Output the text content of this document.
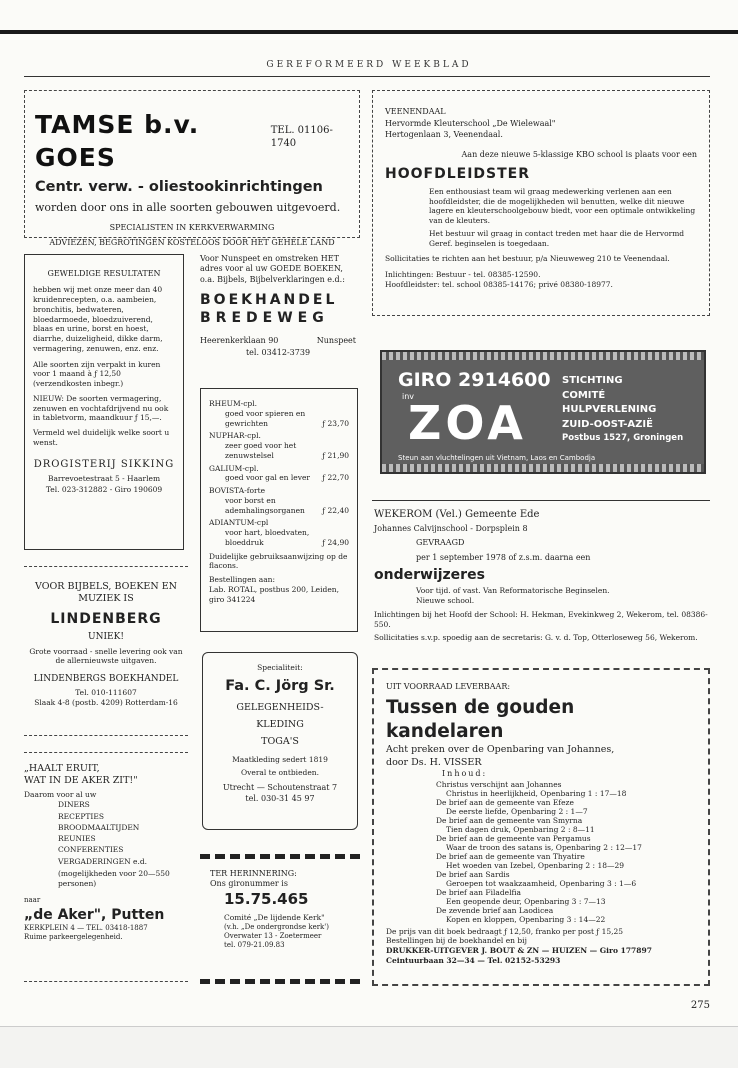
GEREFORMEERD WEEKBLAD
TAMSE b.v. GOES
TEL. 01106-1740
Centr. verw. - oliestookinrichtingen
worden door ons in alle soorten gebouwen uitgevoerd.
SPECIALISTEN IN KERKVERWARMING
ADVIEZEN, BEGROTINGEN KOSTELOOS DOOR HET GEHELE LAND
VEENENDAAL
Hervormde Kleuterschool „De Wielewaal"
Hertogenlaan 3, Veenendaal.
Aan deze nieuwe 5-klassige KBO school is plaats voor een
HOOFDLEIDSTER
Een enthousiast team wil graag medewerking verlenen aan een hoofdleidster, die de mogelijkheden wil benutten, welke dit nieuwe lagere en kleuterschoolgebouw biedt, voor een optimale ontwikkeling van de kleuters.
Het bestuur wil graag in contact treden met haar die de Hervormd Geref. beginselen is toegedaan.
Sollicitaties te richten aan het bestuur, p/a Nieuweweg 210 te Veenendaal.
Inlichtingen: Bestuur - tel. 08385-12590.
Hoofdleidster: tel. school 08385-14176; privé 08380-18977.
GEWELDIGE RESULTATEN
hebben wij met onze meer dan 40 kruidenrecepten, o.a. aambeien, bronchitis, bedwateren, bloedarmoede, bloedzuiverend, blaas en urine, borst en hoest, diarrhe, duizeligheid, dikke darm, vermagering, zenuwen, enz. enz.
Alle soorten zijn verpakt in kuren voor 1 maand à ƒ 12,50 (verzendkosten inbegr.)
NIEUW: De soorten vermagering, zenuwen en vochtafdrijvend nu ook in tabletvorm, maandkuur ƒ 15,—.
Vermeld wel duidelijk welke soort u wenst.
DROGISTERIJ SIKKING
Barrevoetestraat 5 - Haarlem
Tel. 023-312882 - Giro 190609
Voor Nunspeet en omstreken HET adres voor al uw GOEDE BOEKEN, o.a. Bijbels, Bijbelverklaringen e.d.:
BOEKHANDEL
BREDEWEG
Heerenkerklaan 90	Nunspeet
tel. 03412-3739
RHEUM-cpl.
goed voor spieren en gewrichten	ƒ 23,70
NUPHAR-cpl.
zeer goed voor het zenuwstelsel	ƒ 21,90
GALIUM-cpl.
goed voor gal en lever ƒ 22,70
BOVISTA-forte
voor borst en ademhalingsorganen	ƒ 22,40
ADIANTUM-cpl
voor hart, bloedvaten, bloeddruk	ƒ 24,90
Duidelijke gebruiksaanwijzing op de flacons.
Bestellingen aan:
Lab. ROTAL, postbus 200, Leiden, giro 341224
GIRO 2914600
inv
ZOA
STICHTING
COMITÉ
HULPVERLENING
ZUID-OOST-AZIË
Postbus 1527, Groningen
Steun aan vluchtelingen uit Vietnam, Laos en Cambodja
WEKEROM (Vel.) Gemeente Ede
Johannes Calvijnschool - Dorpsplein 8
GEVRAAGD
per 1 september 1978 of z.s.m. daarna een
onderwijzeres
Voor tijd. of vast. Van Reformatorische Beginselen.
Nieuwe school.
Inlichtingen bij het Hoofd der School: H. Hekman, Evekinkweg 2, Wekerom, tel. 08386-550.
Sollicitaties s.v.p. spoedig aan de secretaris: G. v. d. Top, Otterloseweg 56, Wekerom.
VOOR BIJBELS, BOEKEN EN MUZIEK IS
LINDENBERG
UNIEK!
Grote voorraad - snelle levering ook van de allernieuwste uitgaven.
LINDENBERGS BOEKHANDEL
Tel. 010-111607
Slaak 4-8 (postb. 4209) Rotterdam-16
Specialiteit:
Fa. C. Jörg Sr.
GELEGENHEIDS-
KLEDING
TOGA'S
Maatkleding sedert 1819
Overal te ontbieden.
Utrecht — Schoutenstraat 7
tel. 030-31 45 97
„HAALT ERUIT,
WAT IN DE AKER ZIT!"
Daarom voor al uw
DINERS
RECEPTIES
BROODMAALTIJDEN
REUNIES
CONFERENTIES
VERGADERINGEN e.d.
(mogelijkheden voor 20—550 personen)
naar
„de Aker", Putten
KERKPLEIN 4 — TEL. 03418-1887
Ruime parkeergelegenheid.
TER HERINNERING:
Ons gironummer is
15.75.465
Comité „De lijdende Kerk"
(v.h. „De ondergrondse kerk')
Overwater 13 - Zoetermeer
tel. 079-21.09.83
UIT VOORRAAD LEVERBAAR:
Tussen de gouden kandelaren
Acht preken over de Openbaring van Johannes,
door Ds. H. VISSER
Inhoud:
Christus verschijnt aan Johannes
Christus in heerlijkheid, Openbaring 1 : 17—18
De brief aan de gemeente van Efeze
De eerste liefde, Openbaring 2 : 1—7
De brief aan de gemeente van Smyrna
Tien dagen druk, Openbaring 2 : 8—11
De brief aan de gemeente van Pergamus
Waar de troon des satans is, Openbaring 2 : 12—17
De brief aan de gemeente van Thyatire
Het woeden van Izebel, Openbaring 2 : 18—29
De brief aan Sardis
Geroepen tot waakzaamheid, Openbaring 3 : 1—6
De brief aan Filadelfia
Een geopende deur, Openbaring 3 : 7—13
De zevende brief aan Laodicea
Kopen en kloppen, Openbaring 3 : 14—22
De prijs van dit boek bedraagt ƒ 12,50, franko per post ƒ 15,25
Bestellingen bij de boekhandel en bij
DRUKKER-UITGEVER J. BOUT & ZN — HUIZEN — Giro 177897
Ceintuurbaan 32—34 — Tel. 02152-53293
275
